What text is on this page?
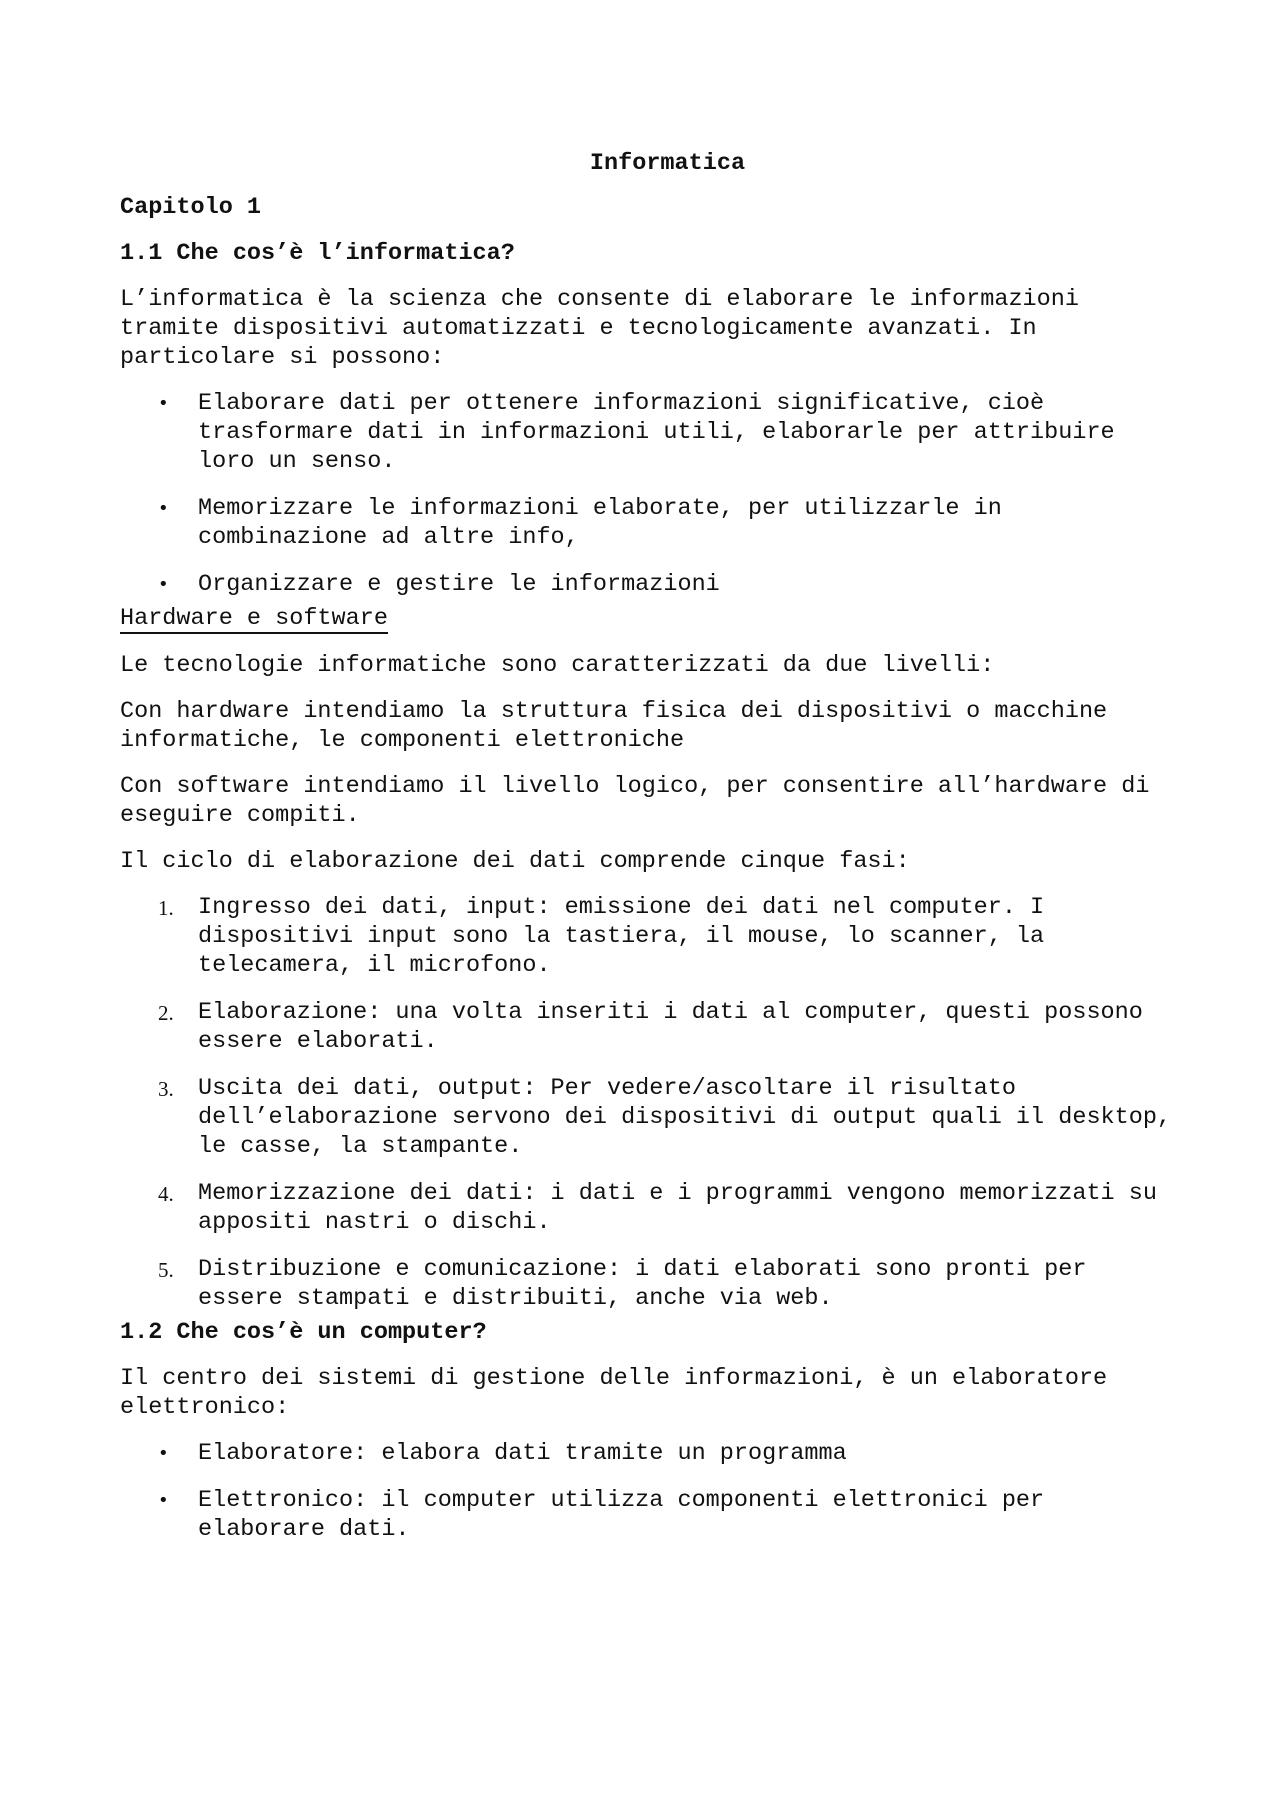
Informatica
Capitolo 1
1.1 Che cos’è l’informatica?

L’informatica è la scienza che consente di elaborare le informazioni tramite dispositivi automatizzati e tecnologicamente avanzati. In particolare si possono:

• Elaborare dati per ottenere informazioni significative, cioè trasformare dati in informazioni utili, elaborarle per attribuire loro un senso.
• Memorizzare le informazioni elaborate, per utilizzarle in combinazione ad altre info,
• Organizzare e gestire le informazioni

Hardware e software

Le tecnologie informatiche sono caratterizzati da due livelli:

Con hardware intendiamo la struttura fisica dei dispositivi o macchine informatiche, le componenti elettroniche

Con software intendiamo il livello logico, per consentire all’hardware di eseguire compiti.

Il ciclo di elaborazione dei dati comprende cinque fasi:

1. Ingresso dei dati, input: emissione dei dati nel computer. I dispositivi input sono la tastiera, il mouse, lo scanner, la telecamera, il microfono.
2. Elaborazione: una volta inseriti i dati al computer, questi possono essere elaborati.
3. Uscita dei dati, output: Per vedere/ascoltare il risultato dell’elaborazione servono dei dispositivi di output quali il desktop, le casse, la stampante.
4. Memorizzazione dei dati: i dati e i programmi vengono memorizzati su appositi nastri o dischi.
5. Distribuzione e comunicazione: i dati elaborati sono pronti per essere stampati e distribuiti, anche via web.
1.2 Che cos’è un computer?

Il centro dei sistemi di gestione delle informazioni, è un elaboratore elettronico:

• Elaboratore: elabora dati tramite un programma
• Elettronico: il computer utilizza componenti elettronici per elaborare dati.
